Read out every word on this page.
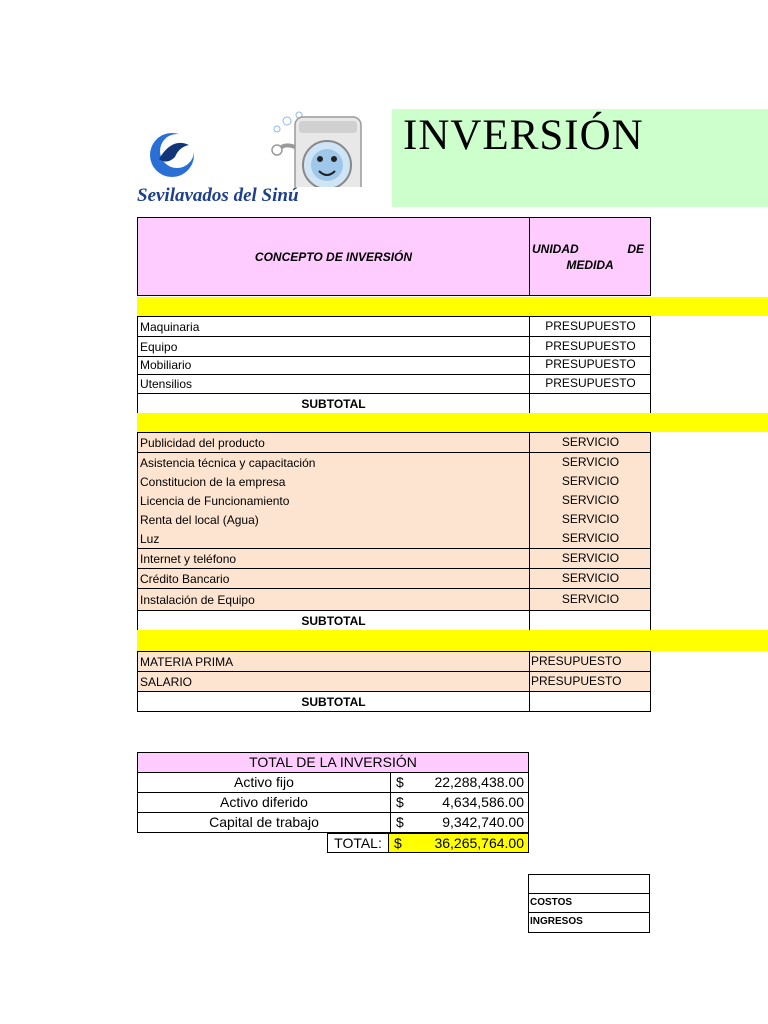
Sevilavados del Sinú
INVERSIÓN
CONCEPTO DE INVERSIÓN
UNIDAD	DE
MEDIDA
Maquinaria	PRESUPUESTO
Equipo	PRESUPUESTO
Mobiliario	PRESUPUESTO
Utensilios	PRESUPUESTO
SUBTOTAL
Publicidad del producto	SERVICIO
Asistencia técnica y capacitación	SERVICIO
Constitucion de la empresa	SERVICIO
Licencia de Funcionamiento	SERVICIO
Renta del local (Agua)	SERVICIO
Luz	SERVICIO
Internet y teléfono	SERVICIO
Crédito Bancario	SERVICIO
Instalación de Equipo	SERVICIO
SUBTOTAL
MATERIA PRIMA	PRESUPUESTO
SALARIO	PRESUPUESTO
SUBTOTAL
TOTAL DE LA INVERSIÓN
Activo fijo	$ 22,288,438.00
Activo diferido	$	4,634,586.00
Capital de trabajo	$	9,342,740.00
TOTAL: $ 36,265,764.00
COSTOS
INGRESOS
